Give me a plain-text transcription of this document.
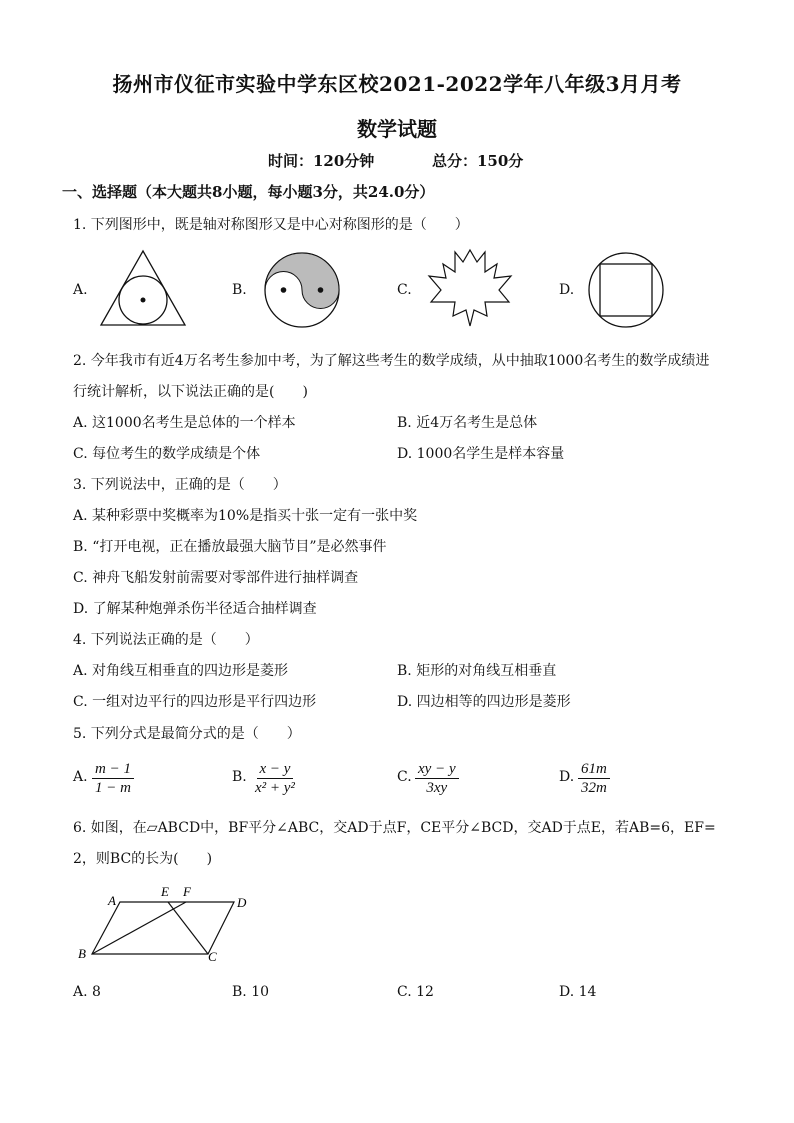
扬州市仪征市实验中学东区校2021-2022学年八年级3月月考
数学试题
时间：120分钟	总分：150分
一、选择题（本大题共8小题，每小题3分，共24.0分）
1. 下列图形中，既是轴对称图形又是中心对称图形的是（　　）
A.	B.	C.	D.
2. 今年我市有近4万名考生参加中考，为了解这些考生的数学成绩，从中抽取1000名考生的数学成绩进
行统计解析，以下说法正确的是(　　)
A. 这1000名考生是总体的一个样本	B. 近4万名考生是总体
C. 每位考生的数学成绩是个体	D. 1000名学生是样本容量
3. 下列说法中，正确的是（　　）
A. 某种彩票中奖概率为10%是指买十张一定有一张中奖
B. “打开电视，正在播放最强大脑节目”是必然事件
C. 神舟飞船发射前需要对零部件进行抽样调查
D. 了解某种炮弹杀伤半径适合抽样调查
4. 下列说法正确的是（　　）
A. 对角线互相垂直的四边形是菱形	B. 矩形的对角线互相垂直
C. 一组对边平行的四边形是平行四边形	D. 四边相等的四边形是菱形
5. 下列分式是最简分式的是（　　）
A. $\frac{m - 1}{1 - m}$	B. $\frac{x - y}{\text{x² + y²}}$	C. $\frac{xy - y}{3xy}$	D. $\frac{61m}{32m}$
6. 如图，在▱ABCD中，BF平分∠ABC，交AD于点F，CE平分∠BCD，交AD于点E，若AB=6，EF=
2，则BC的长为(　　)
A	D
B	C
E F
A. 8	B. 10	C. 12	D. 14
